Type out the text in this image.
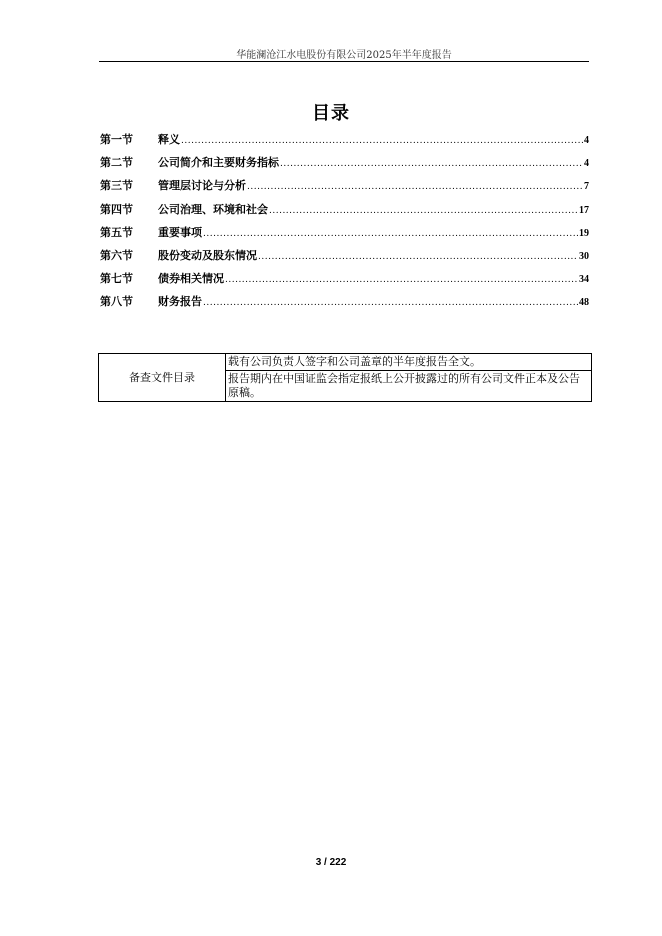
华能澜沧江水电股份有限公司2025年半年度报告
目录
第一节	释义 .....	4
第二节	公司简介和主要财务指标 .....	4
第三节	管理层讨论与分析 .....	7
第四节	公司治理、环境和社会 .....	17
第五节	重要事项 .....	19
第六节	股份变动及股东情况 .....	30
第七节	债券相关情况 .....	34
第八节	财务报告 .....	48
备查文件目录	载有公司负责人签字和公司盖章的半年度报告全文。
报告期内在中国证监会指定报纸上公开披露过的所有公司文件正本及公告原稿。
3 / 222
